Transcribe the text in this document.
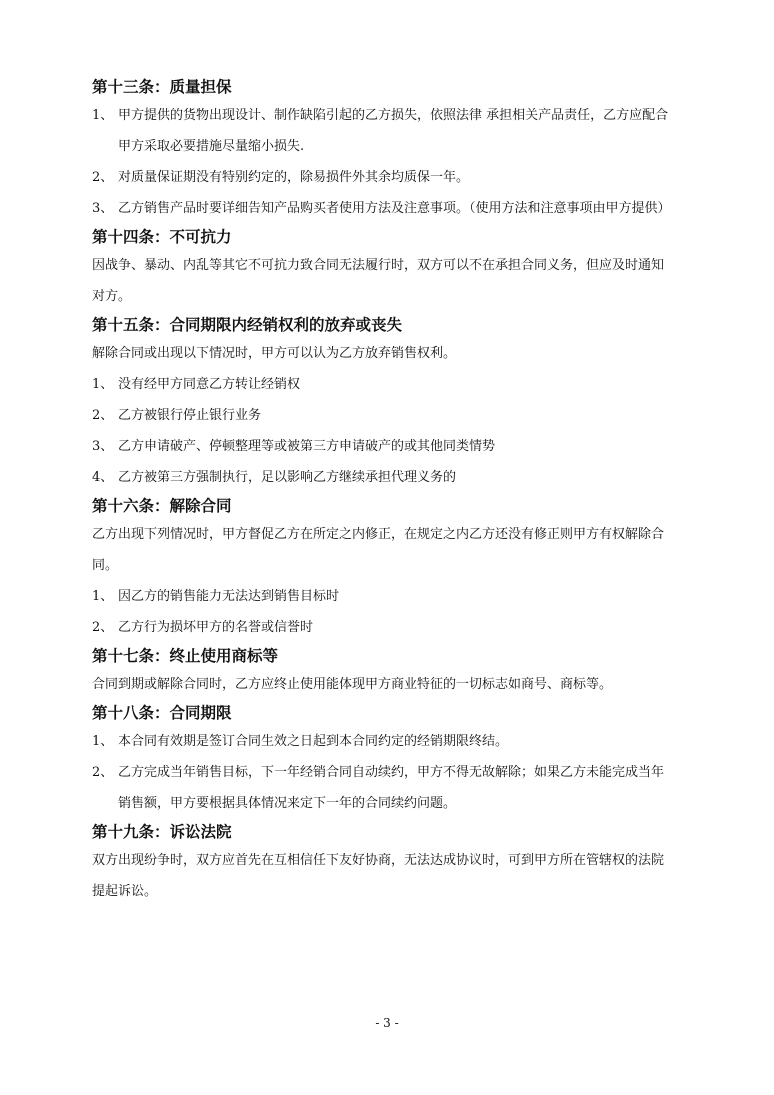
第十三条：质量担保

1、 甲方提供的货物出现设计、制作缺陷引起的乙方损失，依照法律 承担相关产品责任，乙方应配合
甲方采取必要措施尽量缩小损失.
2、 对质量保证期没有特别约定的，除易损件外其余均质保一年。
3、 乙方销售产品时要详细告知产品购买者使用方法及注意事项。（使用方法和注意事项由甲方提供）

第十四条：不可抗力

因战争、暴动、内乱等其它不可抗力致合同无法履行时，双方可以不在承担合同义务，但应及时通知

对方。

第十五条：合同期限内经销权利的放弃或丧失

解除合同或出现以下情况时，甲方可以认为乙方放弃销售权利。

1、 没有经甲方同意乙方转让经销权
2、 乙方被银行停止银行业务
3、 乙方申请破产、停顿整理等或被第三方申请破产的或其他同类情势
4、 乙方被第三方强制执行，足以影响乙方继续承担代理义务的

第十六条：解除合同

乙方出现下列情况时，甲方督促乙方在所定之内修正，在规定之内乙方还没有修正则甲方有权解除合

同。

1、 因乙方的销售能力无法达到销售目标时
2、 乙方行为损坏甲方的名誉或信誉时

第十七条：终止使用商标等

合同到期或解除合同时，乙方应终止使用能体现甲方商业特征的一切标志如商号、商标等。

第十八条：合同期限

1、 本合同有效期是签订合同生效之日起到本合同约定的经销期限终结。
2、 乙方完成当年销售目标，下一年经销合同自动续约，甲方不得无故解除；如果乙方未能完成当年
销售额，甲方要根据具体情况来定下一年的合同续约问题。

第十九条：诉讼法院

双方出现纷争时，双方应首先在互相信任下友好协商，无法达成协议时，可到甲方所在管辖权的法院

提起诉讼。

- 3 -
